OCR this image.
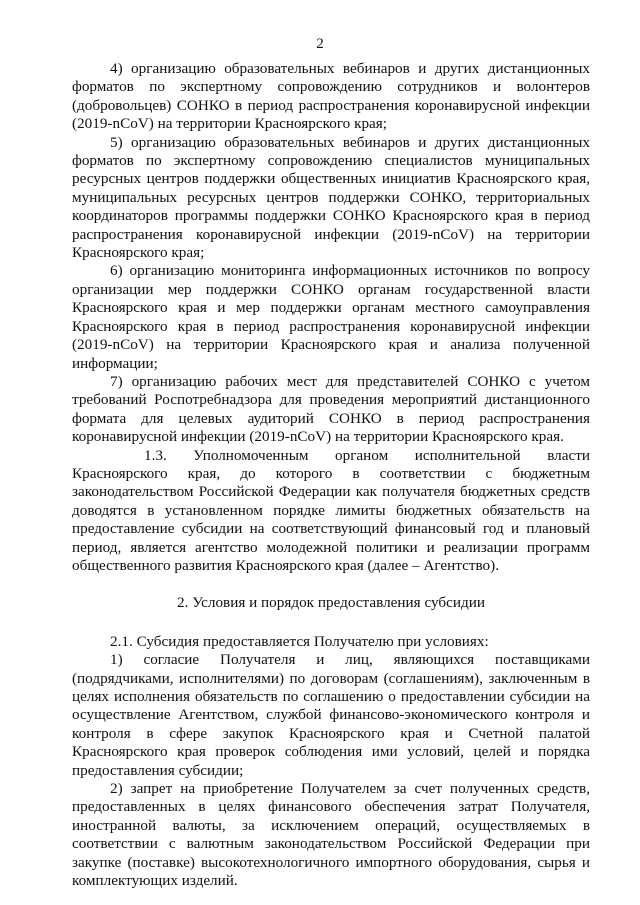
2

4) организацию образовательных вебинаров и других дистанционных форматов по экспертному сопровождению сотрудников и волонтеров (добровольцев) СОНКО в период распространения коронавирусной инфекции (2019-nCoV) на территории Красноярского края;

5) организацию образовательных вебинаров и других дистанционных форматов по экспертному сопровождению специалистов муниципальных ресурсных центров поддержки общественных инициатив Красноярского края, муниципальных ресурсных центров поддержки СОНКО, территориальных координаторов программы поддержки СОНКО Красноярского края в период распространения коронавирусной инфекции (2019-nCoV) на территории Красноярского края;

6) организацию мониторинга информационных источников по вопросу организации мер поддержки СОНКО органам государственной власти Красноярского края и мер поддержки органам местного самоуправления Красноярского края в период распространения коронавирусной инфекции (2019-nCoV) на территории Красноярского края и анализа полученной информации;

7) организацию рабочих мест для представителей СОНКО с учетом требований Роспотребнадзора для проведения мероприятий дистанционного формата для целевых аудиторий СОНКО в период распространения коронавирусной инфекции (2019-nCoV) на территории Красноярского края.

1.3. Уполномоченным органом исполнительной власти Красноярского края, до которого в соответствии с бюджетным законодательством Российской Федерации как получателя бюджетных средств доводятся в установленном порядке лимиты бюджетных обязательств на предоставление субсидии на соответствующий финансовый год и плановый период, является агентство молодежной политики и реализации программ общественного развития Красноярского края (далее – Агентство).

2. Условия и порядок предоставления субсидии

2.1. Субсидия предоставляется Получателю при условиях:

1) согласие Получателя и лиц, являющихся поставщиками (подрядчиками, исполнителями) по договорам (соглашениям), заключенным в целях исполнения обязательств по соглашению о предоставлении субсидии на осуществление Агентством, службой финансово-экономического контроля и контроля в сфере закупок Красноярского края и Счетной палатой Красноярского края проверок соблюдения ими условий, целей и порядка предоставления субсидии;

2) запрет на приобретение Получателем за счет полученных средств, предоставленных в целях финансового обеспечения затрат Получателя, иностранной валюты, за исключением операций, осуществляемых в соответствии с валютным законодательством Российской Федерации при закупке (поставке) высокотехнологичного импортного оборудования, сырья и комплектующих изделий.
